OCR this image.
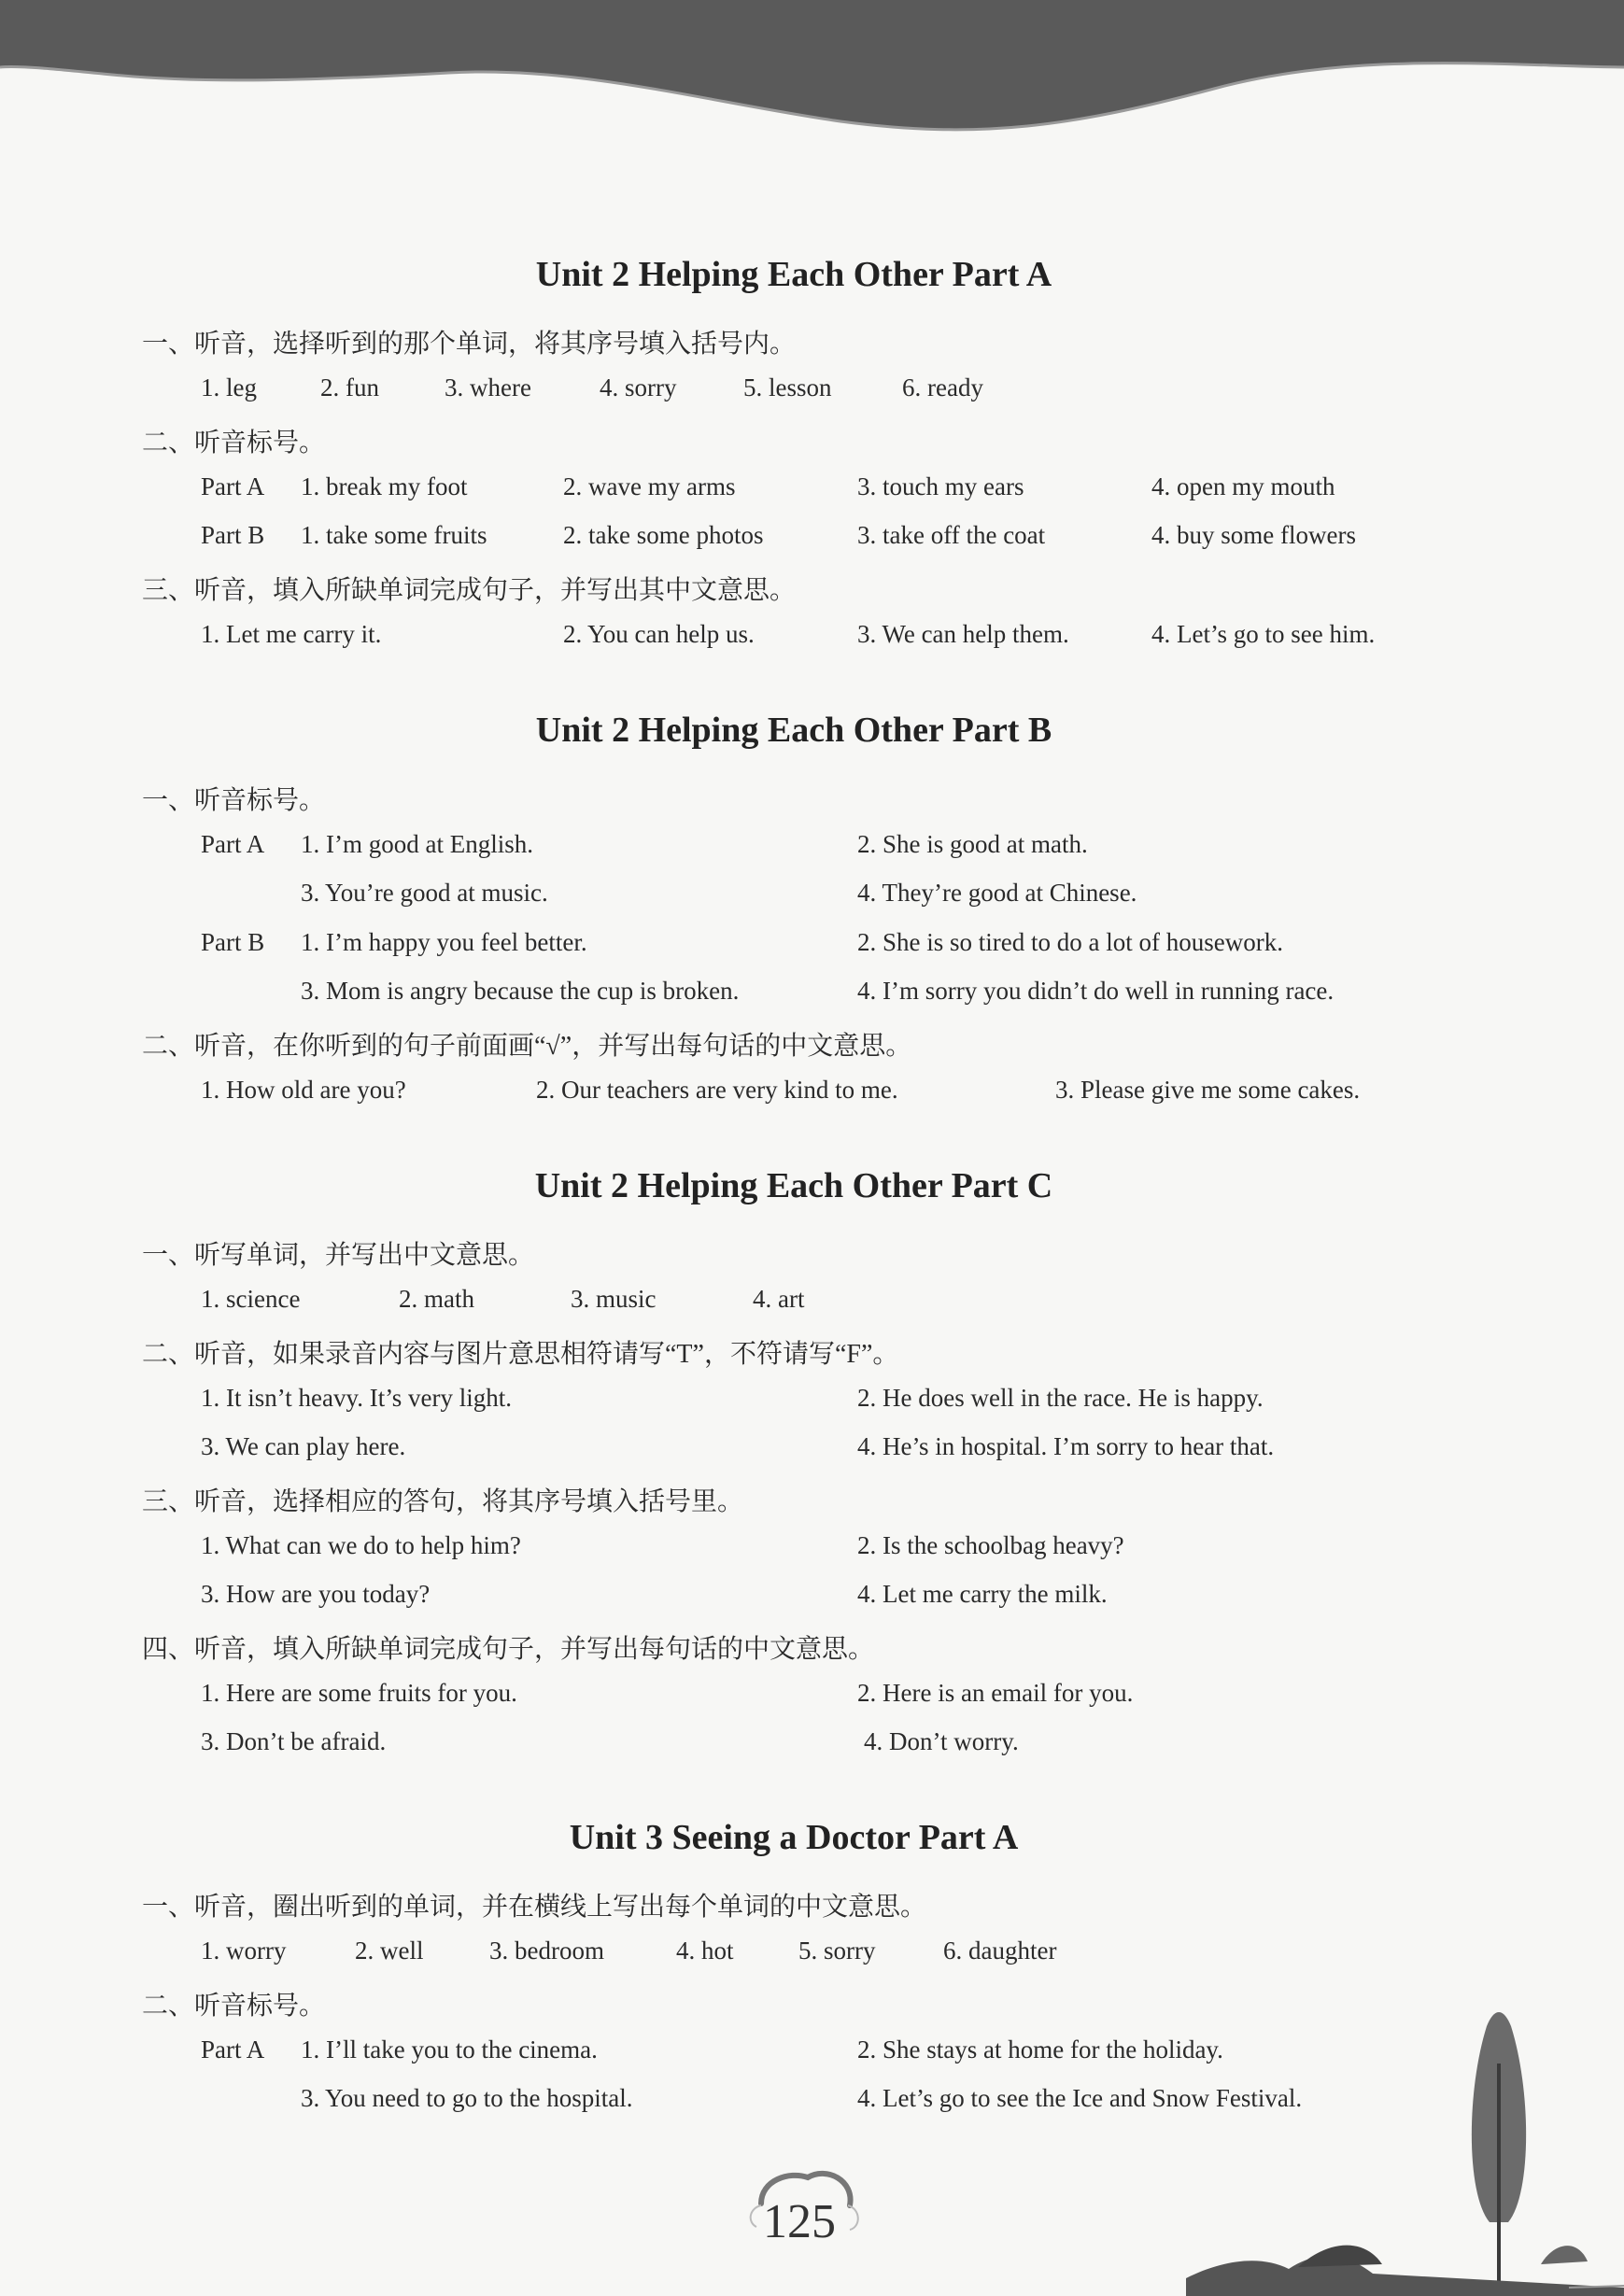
Unit 2 Helping Each Other Part A
一、听音，选择听到的那个单词，将其序号填入括号内。
1. leg	2. fun	3. where	4. sorry	5. lesson	6. ready
二、听音标号。
Part A 1. break my foot	2. wave my arms	3. touch my ears	4. open my mouth
Part B 1. take some fruits	2. take some photos	3. take off the coat	4. buy some flowers
三、听音，填入所缺单词完成句子，并写出其中文意思。
1. Let me carry it.	2. You can help us.	3. We can help them.	4. Let’s go to see him.
Unit 2 Helping Each Other Part B
一、听音标号。
Part A 1. I’m good at English.	2. She is good at math.
3. You’re good at music.	4. They’re good at Chinese.
Part B 1. I’m happy you feel better.	2. She is so tired to do a lot of housework.
3. Mom is angry because the cup is broken.	4. I’m sorry you didn’t do well in running race.
二、听音，在你听到的句子前面画“√”，并写出每句话的中文意思。
1. How old are you?	2. Our teachers are very kind to me.	3. Please give me some cakes.
Unit 2 Helping Each Other Part C
一、听写单词，并写出中文意思。
1. science	2. math	3. music	4. art
二、听音，如果录音内容与图片意思相符请写“T”，不符请写“F”。
1. It isn’t heavy. It’s very light.	2. He does well in the race. He is happy.
3. We can play here.	4. He’s in hospital. I’m sorry to hear that.
三、听音，选择相应的答句，将其序号填入括号里。
1. What can we do to help him?	2. Is the schoolbag heavy?
3. How are you today?	4. Let me carry the milk.
四、听音，填入所缺单词完成句子，并写出每句话的中文意思。
1. Here are some fruits for you.	2. Here is an email for you.
3. Don’t be afraid.	4. Don’t worry.
Unit 3 Seeing a Doctor Part A
一、听音，圈出听到的单词，并在横线上写出每个单词的中文意思。
1. worry	2. well	3. bedroom	4. hot	5. sorry	6. daughter
二、听音标号。
Part A 1. I’ll take you to the cinema.	2. She stays at home for the holiday.
3. You need to go to the hospital.	4. Let’s go to see the Ice and Snow Festival.
125
